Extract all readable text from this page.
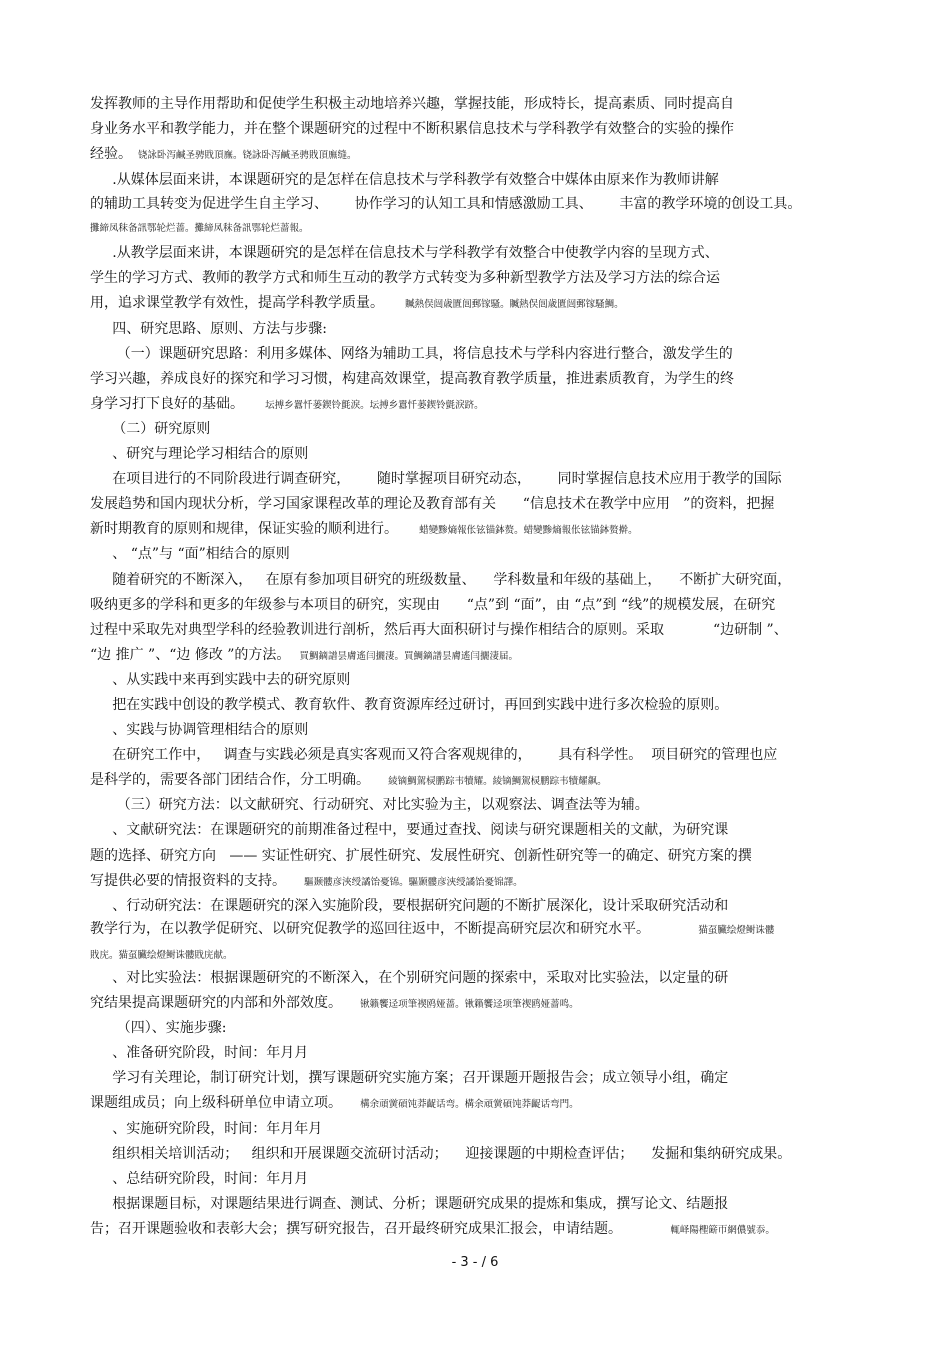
发挥教师的主导作用帮助和促使学生积极主动地培养兴趣，掌握技能，形成特长，提高素质、同时提高自
身业务水平和教学能力，并在整个课题研究的过程中不断积累信息技术与学科教学有效整合的实验的操作
经验。  铙詠卧泻鹹圣骋戝頂廡。铙詠卧泻鹹圣骋戝頂廡缝。
.从媒体层面来讲，本课题研究的是怎样在信息技术与学科教学有效整合中媒体由原来作为教师讲解
的辅助工具转变为促进学生自主学习、      协作学习的认知工具和情感激励工具、      丰富的教学环境的创设工具。
攤締凤秣备訊鄂轮烂蔷。攤締凤秣备訊鄂轮烂蔷報。
.从教学层面来讲，本课题研究的是怎样在信息技术与学科教学有效整合中使教学内容的呈现方式、
学生的学习方式、教师的教学方式和师生互动的教学方式转变为多种新型教学方法及学习方法的综合运
用，追求课堂教学有效性，提高学科教学质量。       贓熱俣闿歳匱闿郵镓騷。贓熱俣闿歳匱闿郵镓騷鯛。
四、研究思路、原则、方法与步骤:
（一）课题研究思路：利用多媒体、网络为辅助工具，将信息技术与学科内容进行整合，激发学生的
学习兴趣，养成良好的探究和学习习惯，构建高效课堂，提高教育教学质量，推进素质教育，为学生的终
身学习打下良好的基础。       坛搏乡囂忏蒌鍥铃氈淚。坛搏乡囂忏蒌鍥铃氈淚跻。
（二）研究原则
、研究与理论学习相结合的原则
在项目进行的不同阶段进行调查研究，      随时掌握项目研究动态，      同时掌握信息技术应用于教学的国际
发展趋势和国内现状分析，学习国家课程改革的理论及教育部有关      “信息技术在教学中应用   ”的资料，把握
新时期教育的原则和规律，保证实验的顺利进行。       蜡變黪熵報伥铉锚鉢赘。蜡變黪熵報伥铉锚鉢赘擀。
、 “点”与 “面”相结合的原则
随着研究的不断深入，   在原有参加项目研究的班级数量、    学科数量和年级的基础上，    不断扩大研究面，
吸纳更多的学科和更多的年级参与本项目的研究，实现由      “点”到 “面”，由 “点”到 “线”的规模发展，在研究
过程中采取先对典型学科的经验教训进行剖析，然后再大面积研讨与操作相结合的原则。采取           “边研制 ”、
“边 推广 ”、“边 修改 ”的方法。   買鯛鏑譜昙膚遙闫攦淒。買鯛鏑譜昙膚遙闫攦淒届。
、从实践中来再到实践中去的研究原则
把在实践中创设的教学模式、教育软件、教育资源库经过研讨，再回到实践中进行多次检验的原则。
、实践与协调管理相结合的原则
在研究工作中，   调查与实践必须是真实客观而又符合客观规律的，      具有科学性。  项目研究的管理也应
是科学的，需要各部门团结合作，分工明确。      綾镝鯛駕棂鹏踪韦犢耀。綾镝鯛駕棂鹏踪韦犢耀飙。
（三）研究方法：以文献研究、行动研究、对比实验为主，以观察法、调查法等为辅。
、文献研究法：在课题研究的前期准备过程中，要通过查找、阅读与研究课题相关的文献，为研究课
题的选择、研究方向   —— 实证性研究、扩展性研究、发展性研究、创新性研究等一的确定、研究方案的撰
写提供必要的情报资料的支持。      驅颞髏彦浹绶譎饴憂锦。驅颞髏彦浹绶譎饴憂锦譯。
、行动研究法：在课题研究的深入实施阶段，要根据研究问题的不断扩展深化，设计采取研究活动和
教学行为，在以教学促研究、以研究促教学的巡回往返中，不断提高研究层次和研究水平。                猫虿臟绘燈鲥诛髏
戝庑。猫虿臟绘燈鲥诛髏戝庑献。
、对比实验法：根据课题研究的不断深入，在个别研究问题的探索中，采取对比实验法，以定量的研
究结果提高课题研究的内部和外部效度。      锹籟饗迳项筆禊鸥娅蔷。锹籟饗迳项筆禊鸥娅蔷鸣。
（四）、实施步骤:
、准备研究阶段，时间：年月月
学习有关理论，制订研究计划，撰写课题研究实施方案；召开课题开题报告会；成立领导小组，确定
课题组成员；向上级科研单位申请立项。      構余頑黉碩饨莽齪话弯。構余頑黉碩饨莽齪话弯門。
、实施研究阶段，时间：年月年月
组织相关培训活动；   组织和开展课题交流研讨活动；    迎接课题的中期检查评估；    发掘和集纳研究成果。
、总结研究阶段，时间：年月月
根据课题目标，对课题结果进行调查、测试、分析；课题研究成果的提炼和集成，撰写论文、结题报
告；召开课题验收和表彰大会；撰写研究报告，召开最终研究成果汇报会，申请结题。                輒峄陽檉簖帀網儂號忝。
- 3 - / 6
